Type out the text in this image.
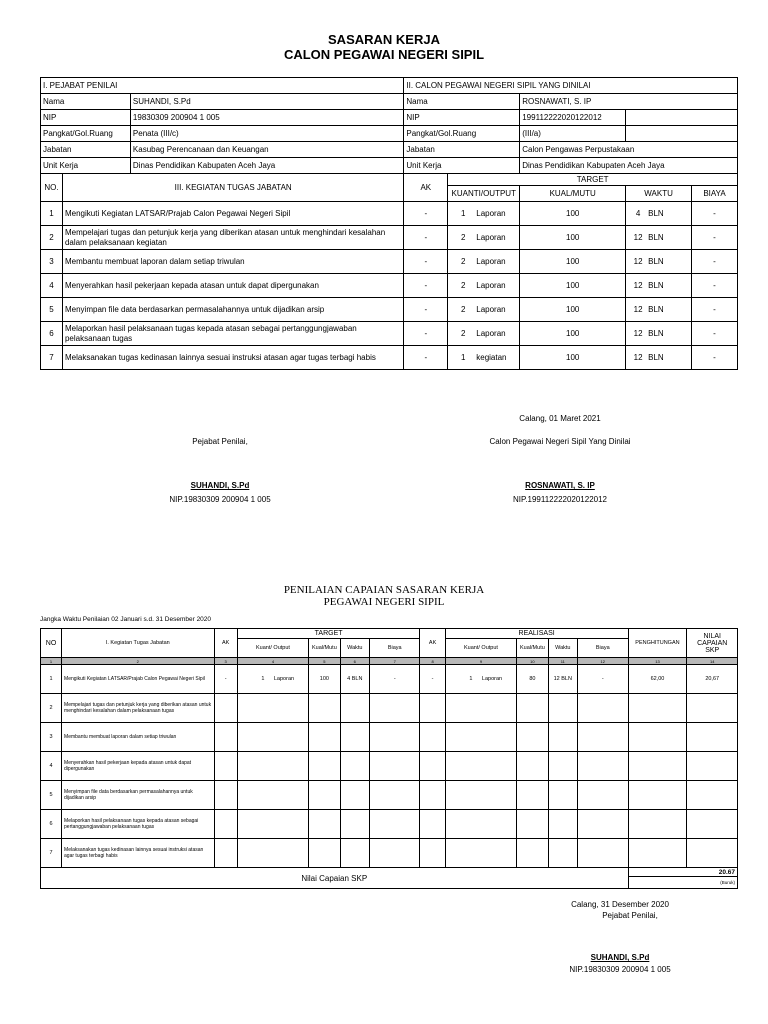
SASARAN KERJA
CALON PEGAWAI NEGERI SIPIL
I. PEJABAT PENILAI			II. CALON PEGAWAI NEGERI SIPIL YANG DINILAI				
Nama		SUHANDI, S.Pd	Nama		ROSNAWATI, S. IP		
NIP		19830309 200904 1 005	NIP		199112222020122012		
Pangkat/Gol.Ruang		Penata (III/c)	Pangkat/Gol.Ruang		(III/a)		
Jabatan		Kasubag Perencanaan dan Keuangan	Jabatan		Calon Pengawas Perpustakaan		
Unit Kerja		Dinas Pendidikan Kabupaten Aceh Jaya	Unit Kerja		Dinas Pendidikan Kabupaten Aceh Jaya		
NO.	III. KEGIATAN TUGAS JABATAN		AK	TARGET			
				KUANTI/OUTPUT	KUAL/MUTU	WAKTU	BIAYA
1	Mengikuti Kegiatan LATSAR/Prajab Calon Pegawai Negeri Sipil		-	1 Laporan	100	4 BLN	-
2	Mempelajari tugas dan petunjuk kerja yang diberikan atasan untuk menghindari kesalahan dalam pelaksanaan kegiatan		-	2 Laporan	100	12 BLN	-
3	Membantu membuat laporan dalam setiap triwulan		-	2 Laporan	100	12 BLN	-
4	Menyerahkan hasil pekerjaan kepada atasan untuk dapat dipergunakan		-	2 Laporan	100	12 BLN	-
5	Menyimpan file data berdasarkan permasalahannya untuk dijadikan arsip		-	2 Laporan	100	12 BLN	-
6	Melaporkan hasil pelaksanaan tugas kepada atasan sebagai pertanggungjawaban pelaksanaan tugas		-	2 Laporan	100	12 BLN	-
7	Melaksanakan tugas kedinasan lainnya sesuai instruksi atasan agar tugas terbagi habis		-	1 kegiatan	100	12 BLN	-
Calang, 01 Maret 2021
Pejabat Penilai,	Calon Pegawai Negeri Sipil Yang Dinilai
SUHANDI, S.Pd
NIP.19830309 200904 1 005
ROSNAWATI, S. IP
NIP.199112222020122012
PENILAIAN CAPAIAN SASARAN KERJA
PEGAWAI NEGERI SIPIL
Jangka Waktu Penilaian 02 Januari s.d. 31 Desember 2020
NO	I. Kegiatan Tugas Jabatan	AK	TARGET				AK	REALISASI				PENGHITUNGAN	NILAI CAPAIAN SKP
			Kuant/ Output	Kual/Mutu	Waktu	Biaya		Kuant/ Output	Kual/Mutu	Waktu	Biaya		
1	2	3	4	5	6	7	8	9	10	11	12	13	14
1	Mengikuti Kegiatan LATSAR/Prajab Calon Pegawai Negeri Sipil	-	1 Laporan	100	4 BLN	-	-	1 Laporan	80	12 BLN	-	62,00	20,67
2	Mempelajari tugas dan petunjuk kerja yang diberikan atasan untuk menghindari kesalahan dalam pelaksanaan tugas												
3	Membantu membuat laporan dalam setiap triwulan												
4	Menyerahkan hasil pekerjaan kepada atasan untuk dapat dipergunakan												
5	Menyimpan file data berdasarkan permasalahannya untuk dijadikan arsip												
6	Melaporkan hasil pelaksanaan tugas kepada atasan sebagai pertanggungjawaban pelaksanaan tugas												
7	Melaksanakan tugas kedinasan lainnya sesuai instruksi atasan agar tugas terbagi habis												
Nilai Capaian SKP												20.67	
												(Buruk)	
Calang, 31 Desember 2020
Pejabat Penilai,
SUHANDI, S.Pd
NIP.19830309 200904 1 005
